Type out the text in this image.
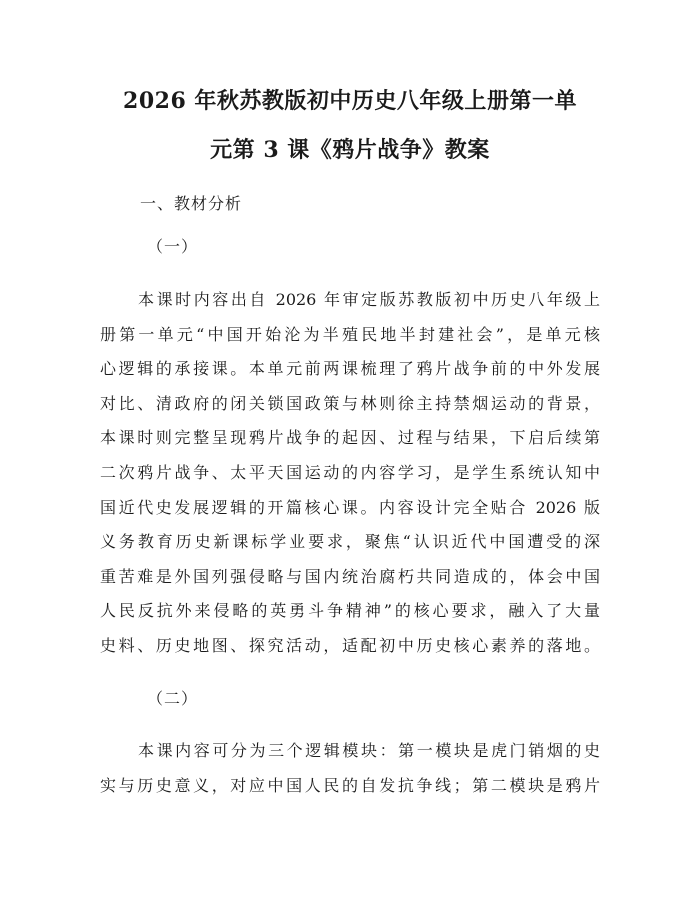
2026 年秋苏教版初中历史八年级上册第一单
元第 3 课《鸦片战争》教案
一、教材分析
（一）
本课时内容出自 2026 年审定版苏教版初中历史八年级上
册第一单元“中国开始沦为半殖民地半封建社会”，是单元核
心逻辑的承接课。本单元前两课梳理了鸦片战争前的中外发展
对比、清政府的闭关锁国政策与林则徐主持禁烟运动的背景，
本课时则完整呈现鸦片战争的起因、过程与结果，下启后续第
二次鸦片战争、太平天国运动的内容学习，是学生系统认知中
国近代史发展逻辑的开篇核心课。内容设计完全贴合 2026 版
义务教育历史新课标学业要求，聚焦“认识近代中国遭受的深
重苦难是外国列强侵略与国内统治腐朽共同造成的，体会中国
人民反抗外来侵略的英勇斗争精神”的核心要求，融入了大量
史料、历史地图、探究活动，适配初中历史核心素养的落地。
（二）
本课内容可分为三个逻辑模块：第一模块是虎门销烟的史
实与历史意义，对应中国人民的自发抗争线；第二模块是鸦片
